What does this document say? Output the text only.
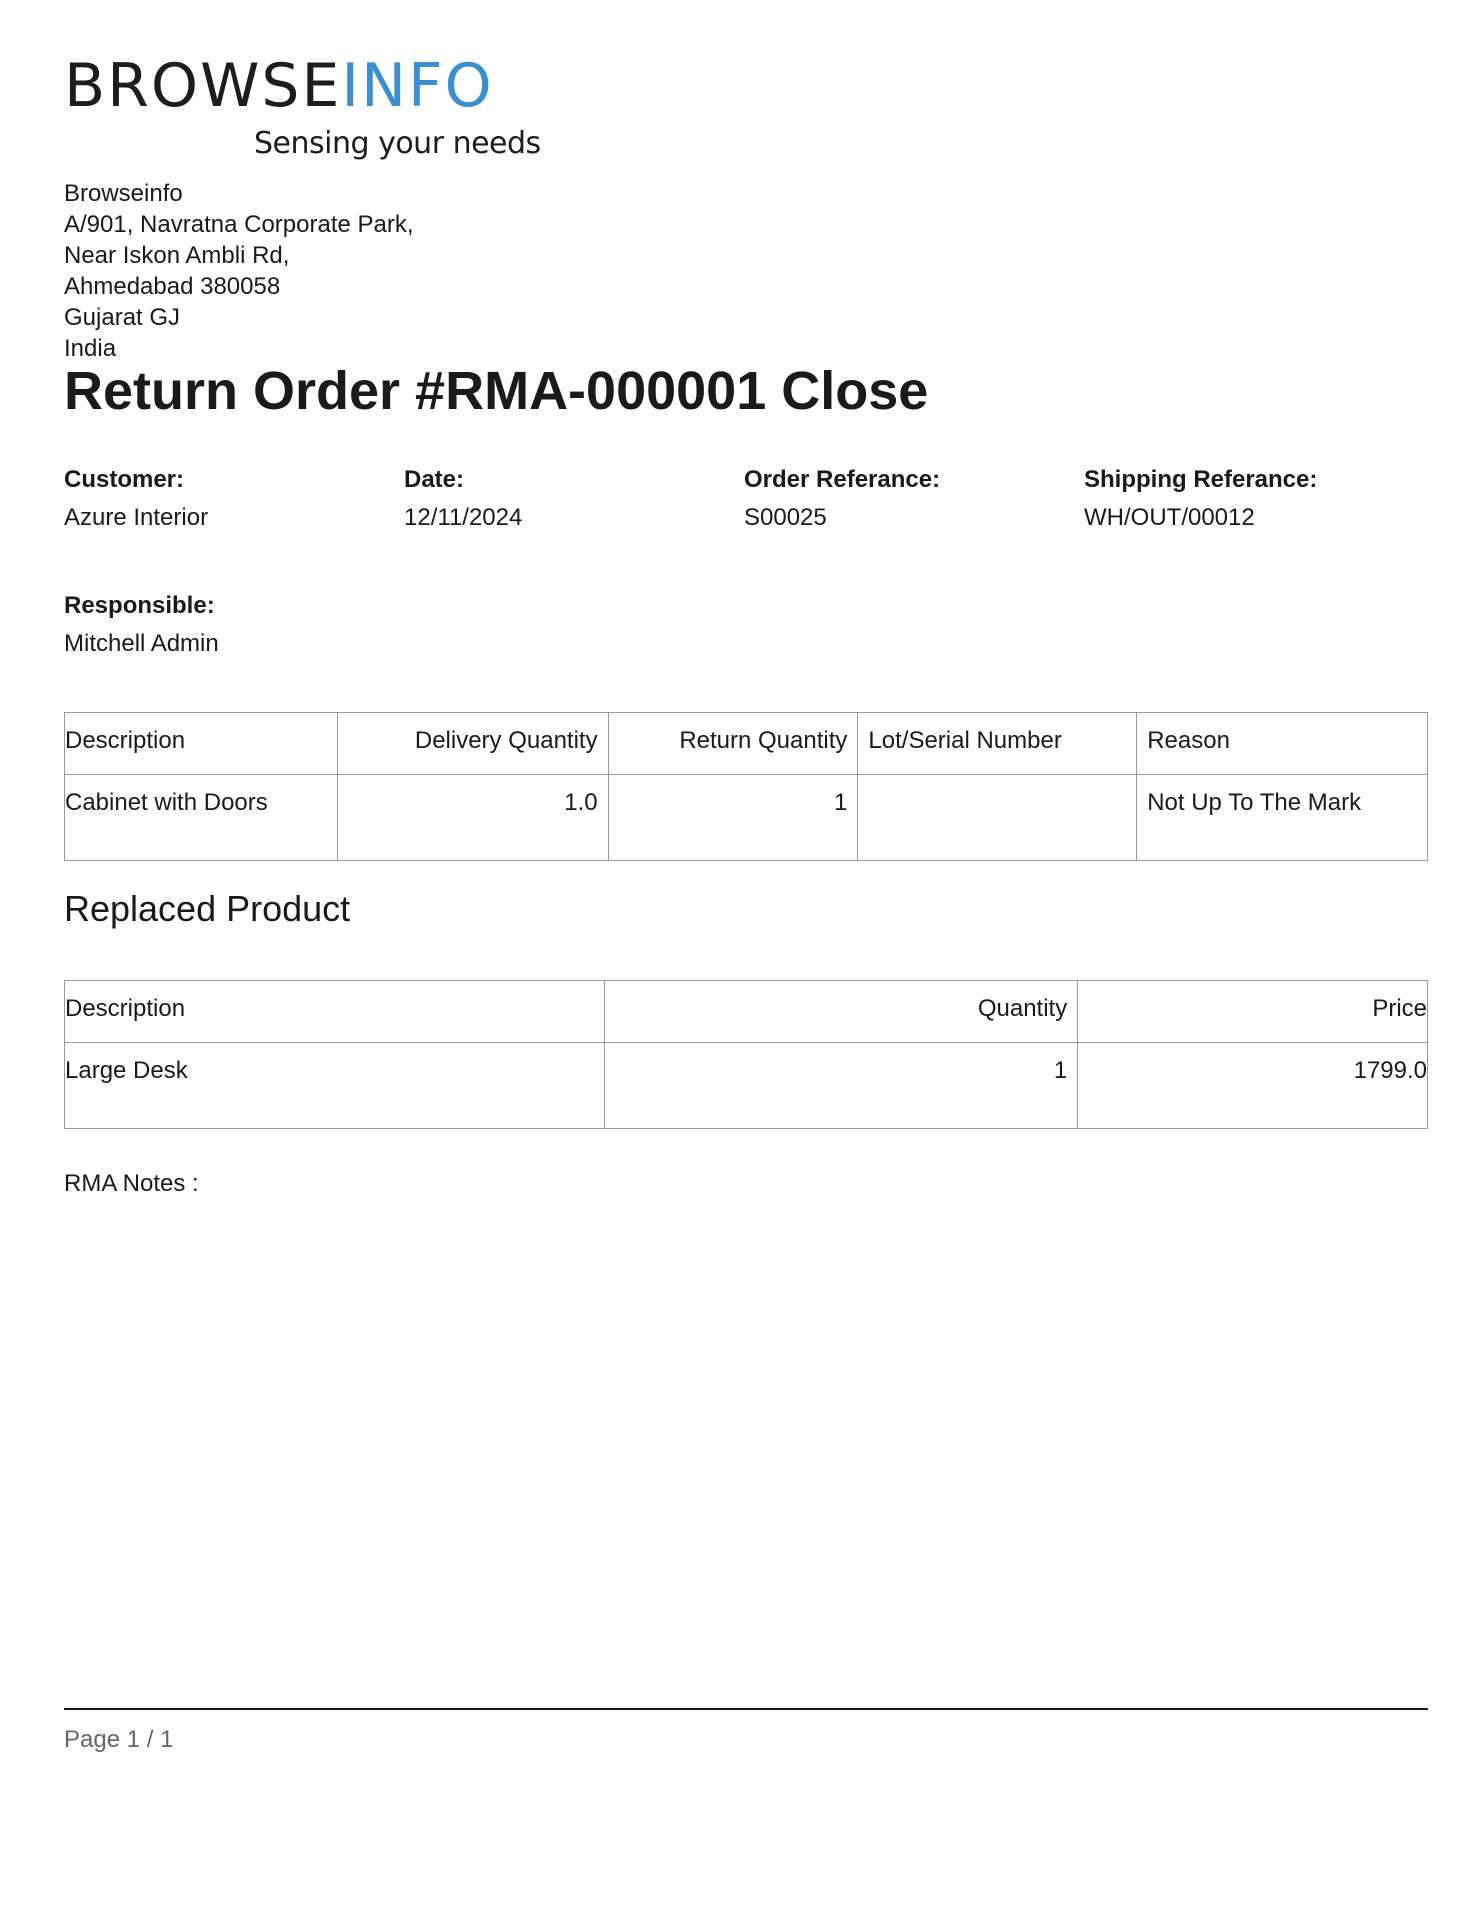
BROWSEINFO
Sensing your needs
Browseinfo
A/901, Navratna Corporate Park,
Near Iskon Ambli Rd,
Ahmedabad 380058
Gujarat GJ
India
Return Order #RMA-000001 Close
Customer:
Azure Interior
Date:
12/11/2024
Order Referance:
S00025
Shipping Referance:
WH/OUT/00012
Responsible:
Mitchell Admin
Description	Delivery Quantity	Return Quantity	Lot/Serial Number	Reason
Cabinet with Doors	1.0	1		Not Up To The Mark
Replaced Product
Description	Quantity	Price
Large Desk	1	1799.0
RMA Notes :
Page 1 / 1
